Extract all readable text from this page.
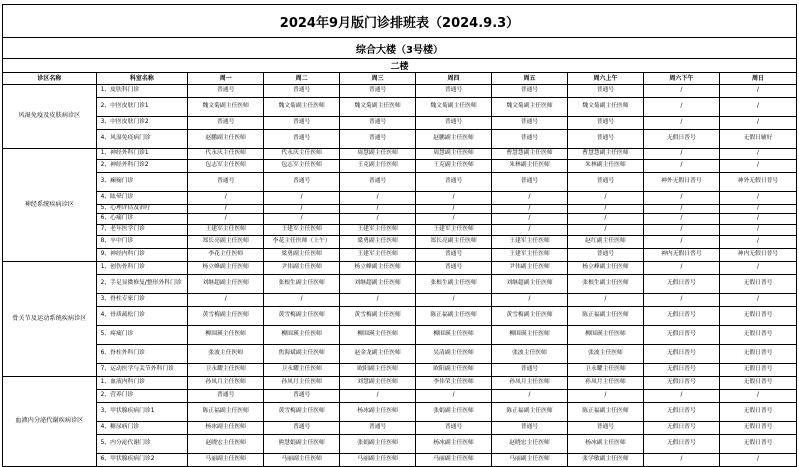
2024年9月版门诊排班表（2024.9.3）
综合大楼（3号楼）
二楼
诊区名称	科室名称	周一	周二	周三	周四	周五	周六上午	周六下午	周日
风湿免疫及皮肤病诊区	1、皮肤科门诊	普通号	普通号	普通号	普通号	普通号	普通号	/	/
	2、中医皮肤门诊1	魏文菊副主任医师	魏文菊副主任医师	魏文菊副主任医师	魏文菊副主任医师	魏文菊副主任医师	魏文菊副主任医师	/	/
	3、中医皮肤门诊2	普通号	普通号	普通号	普通号	普通号	普通号	/	/
	4、风湿免疫病门诊	赵鹏副主任医师	普通号	普通号	赵鹏副主任医师	普通号	普通号	无假日普号	无假日辅好
神经系统疾病诊区	1、神经外科门诊1	代永庆主任医师	代永庆主任医师	周慧副主任医师	周慧副主任医师	曹慧慧副主任医师	曹慧慧副主任医师	/	/
	2、神经外科门诊2	包志军主任医师	包志军主任医师	王克副主任医师	王克副主任医师	朱林副主任医师	朱林副主任医师	/	/
	3、癫痫门诊	普通号	普通号	普通号	普通号	普通号	普通号	神外无假日普号	神外无假日普号
	4、眩晕门诊	/	/	/	/	/	/	/	/
	5、心理评估及治疗	/	/	/	/	/	/	/	/
	6、心痛门诊	/	/	/	/	/	/	/	/
	7、老年医学门诊	王建军主任医师	王建军主任医师	王建军主任医师	王建军主任医师	/	/	/	/
	8、卒中门诊	郑长亮副主任医师	李花主任医师（上午）	梁勇副主任医师	郑长亮副主任医师	王建军主任医师	赵红副主任医师	/	/
	9、神经内科门诊	李花主任医师	梁勇副主任医师	王建军主任医师	普通号	王建军主任医师	普通号	神内无假日普号	神内无假日普号
骨关节及运动系统疾病诊区	1、创伤骨科门诊	杨立峰副主任医师	尹伟副主任医师	杨立峰副主任医师	普通号	尹伟副主任医师	杨立峰副主任医师	/	/
	2、手足显微修复/整形外科门诊	刘继超副主任医师	张根生副主任医师	刘继超副主任医师	张根生副主任医师	刘继超副主任医师	张根生副主任医师	无假日普号	无假日普号
	3、脊柱专家门诊	/	/	/	/	/	/	/	/
	4、骨质疏松门诊	黄雪梅副主任医师	黄雪梅副主任医师	黄雪梅副主任医师	陈正福副主任医师	黄雪梅副主任医师	陈正福副主任医师	无假日普号	无假日普号
	5、疼痛门诊	柳围瑛主任医师	柳围瑛主任医师	柳围瑛主任医师	柳围瑛主任医师	柳围瑛主任医师	柳围瑛主任医师	无假日普号	无假日普号
	6、脊柱外科门诊	张波主任医师	焦海斌副主任医师	赵金龙副主任医师	吴清副主任医师	张波主任医师	张波主任医师	无假日普号	无假日普号
	7、运动医学与关节外科门诊	卫永耀主任医师	卫永耀主任医师	欧阳副主任医师	欧阳副主任医师	普通号	卫永耀主任医师	无假日普号	无假日普号
血液内分泌代谢疾病诊区	1、血液内科门诊	孙凤月主任医师	孙凤月主任医师	刘慧副主任医师	李伟荣主任医师	孙凤月主任医师	孙凤月主任医师	无假日普号	无假日普号
	2、营养门诊	普通号	普通号	/	/	/	/	/	/
	3、甲状腺疾病门诊1	陈正福副主任医师	黄雪梅副主任医师	杨冰副主任医师	张娟副主任医师	陈正福副主任医师	陈正福副主任医师	无假日普号	无假日普号
	4、糖尿病门诊	杨冰副主任医师	普通号	普通号	普通号	普通号	普通号	无假日普号	无假日普号
	5、内分泌代谢门诊	赵晓宏主任医师	熊慧娟副主任医师	张娟副主任医师	杨冰副主任医师	赵晓宏主任医师	杨冰副主任医师	无假日普号	无假日普号
	6、甲状腺疾病门诊2	马丽副主任医师	马丽副主任医师	马丽副主任医师	马丽副主任医师	马丽副主任医师	张学敏副主任医师	/	/
